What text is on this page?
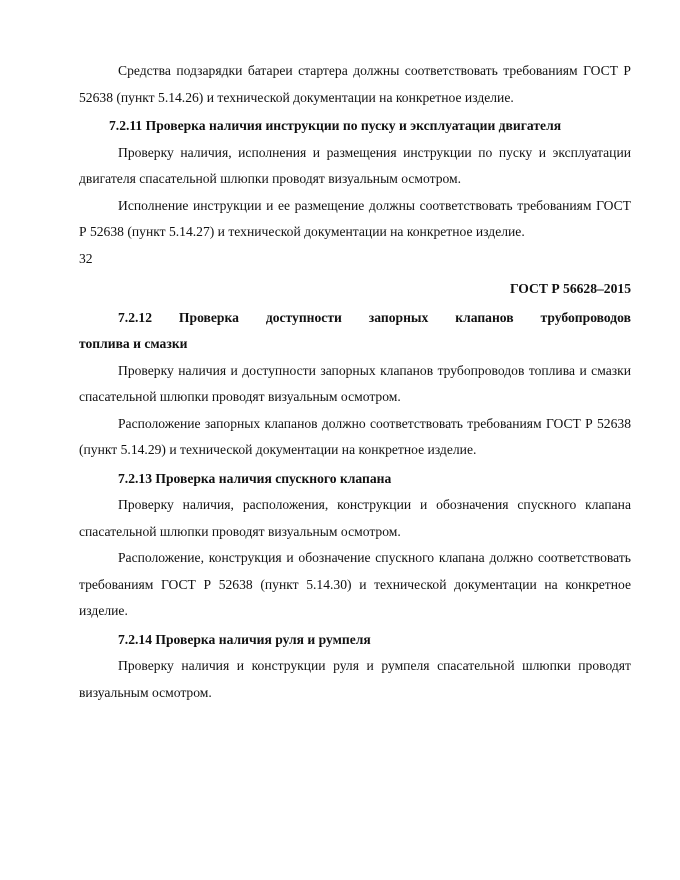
Средства подзарядки батареи стартера должны соответствовать требованиям ГОСТ Р 52638 (пункт 5.14.26) и технической документации на конкретное изделие.

7.2.11 Проверка наличия инструкции по пуску и эксплуатации двигателя

Проверку наличия, исполнения и размещения инструкции по пуску и эксплуатации двигателя спасательной шлюпки проводят визуальным осмотром.

Исполнение инструкции и ее размещение должны соответствовать требованиям ГОСТ Р 52638 (пункт 5.14.27) и технической документации на конкретное изделие.

32

ГОСТ Р 56628–2015

7.2.12 Проверка доступности запорных клапанов трубопроводов

топлива и смазки

Проверку наличия и доступности запорных клапанов трубопроводов топлива и смазки спасательной шлюпки проводят визуальным осмотром.

Расположение запорных клапанов должно соответствовать требованиям ГОСТ Р 52638 (пункт 5.14.29) и технической документации на конкретное изделие.

7.2.13 Проверка наличия спускного клапана

Проверку наличия, расположения, конструкции и обозначения спускного клапана спасательной шлюпки проводят визуальным осмотром.

Расположение, конструкция и обозначение спускного клапана должно соответствовать требованиям ГОСТ Р 52638 (пункт 5.14.30) и технической документации на конкретное изделие.

7.2.14 Проверка наличия руля и румпеля

Проверку наличия и конструкции руля и румпеля спасательной шлюпки проводят визуальным осмотром.
